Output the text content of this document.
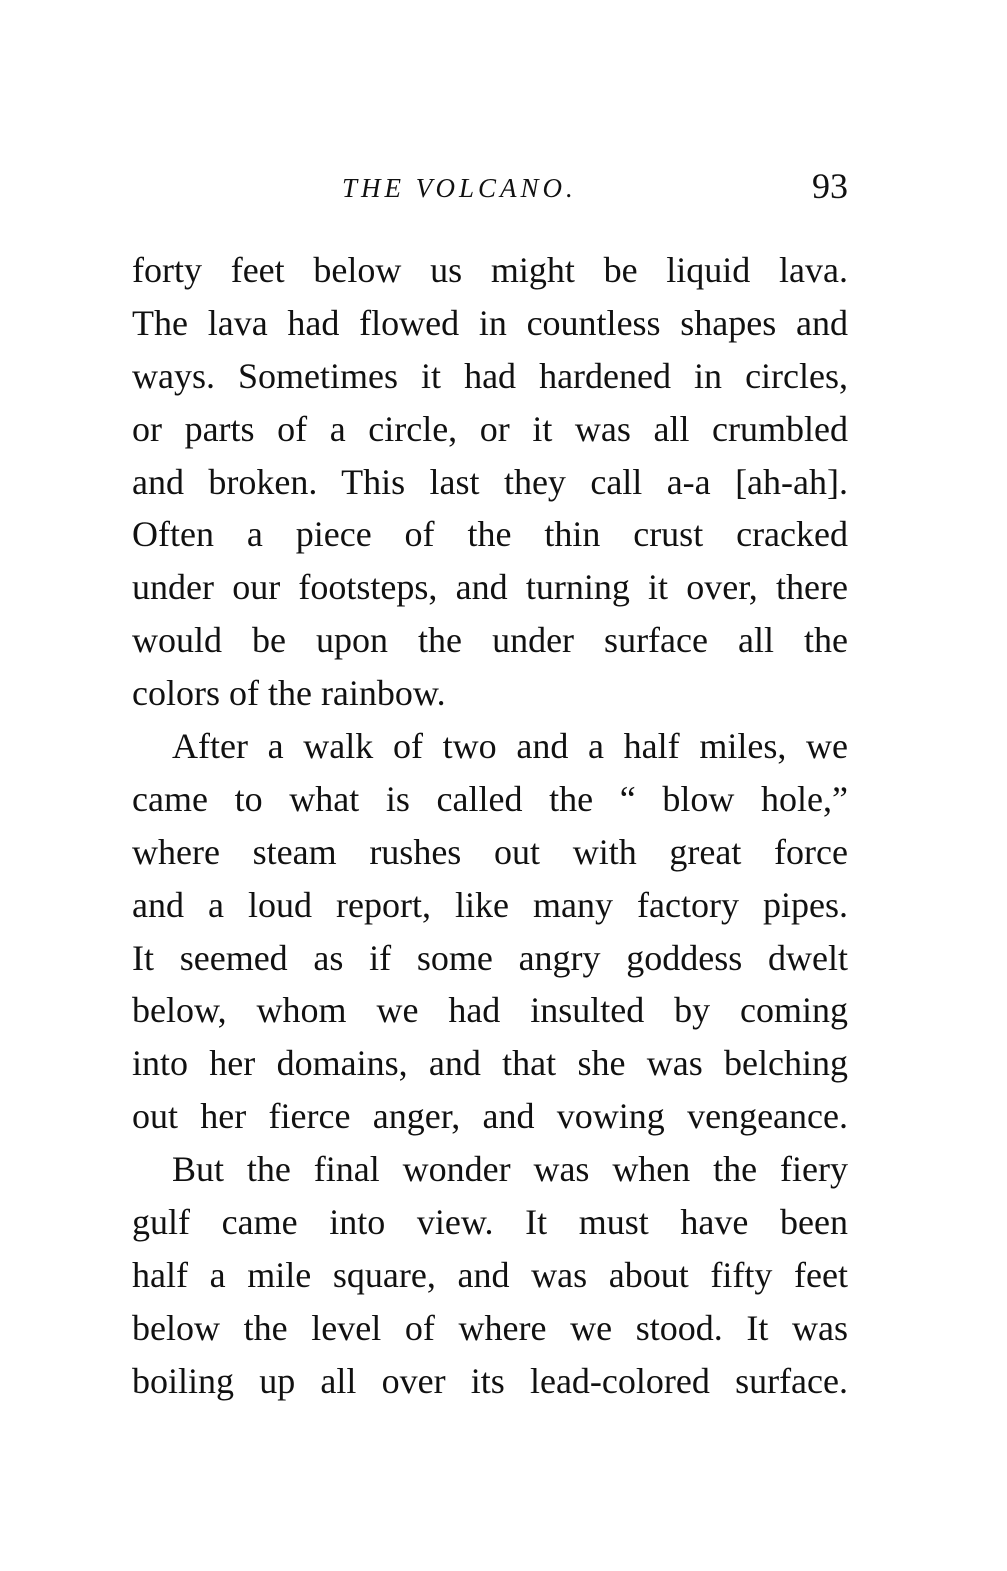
THE VOLCANO.	93
forty feet below us might be liquid lava.
The lava had flowed in countless shapes and
ways. Sometimes it had hardened in circles,
or parts of a circle, or it was all crumbled
and broken. This last they call a-a [ah-ah].
Often a piece of the thin crust cracked
under our footsteps, and turning it over, there
would be upon the under surface all the
colors of the rainbow.
After a walk of two and a half miles, we
came to what is called the “ blow hole,”
where steam rushes out with great force
and a loud report, like many factory pipes.
It seemed as if some angry goddess dwelt
below, whom we had insulted by coming
into her domains, and that she was belching
out her fierce anger, and vowing vengeance.
But the final wonder was when the fiery
gulf came into view. It must have been
half a mile square, and was about fifty feet
below the level of where we stood. It was
boiling up all over its lead-colored surface.
